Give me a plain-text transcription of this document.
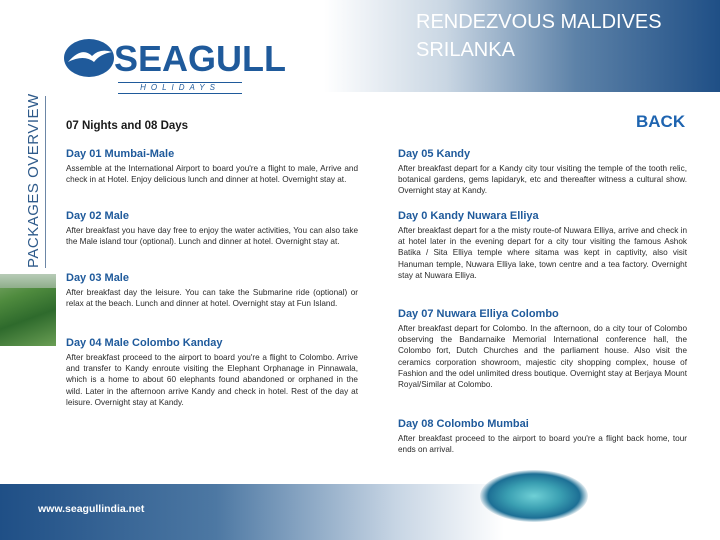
RENDEZVOUS MALDIVES
SRILANKA
SEAGULL
HOLIDAYS
PACKAGES OVERVIEW 07 Nights and 08 Days	BACK
Day 01 Mumbai-Male
Assemble at the International Airport to board you're a flight to male, Arrive and check in at Hotel. Enjoy delicious lunch and dinner at hotel. Overnight stay at.
Day 02 Male
After breakfast you have day free to enjoy the water activities, You can also take the Male island tour (optional). Lunch and dinner at hotel. Overnight stay at.
Day 03 Male
After breakfast day the leisure. You can take the Submarine ride (optional) or relax at the beach. Lunch and dinner at hotel. Overnight stay at Fun Island.
Day 04 Male Colombo Kanday
After breakfast proceed to the airport to board you're a flight to Colombo. Arrive and transfer to Kandy enroute visiting the Elephant Orphanage in Pinnawala, which is a home to about 60 elephants found abandoned or orphaned in the wild. Later in the afternoon arrive Kandy and check in hotel. Rest of the day at leisure. Overnight stay at Kandy.
Day 05 Kandy
After breakfast depart for a Kandy city tour visiting the temple of the tooth relic, botanical gardens, gems lapidaryk, etc and thereafter witness a cultural show. Overnight stay at Kandy.
Day 0 Kandy Nuwara Elliya
After breakfast depart for a the misty route-of Nuwara Elliya, arrive and check in at hotel later in the evening depart for a city tour visiting the famous Ashok Batika / Sita Elliya temple where sitama was kept in captivity, also visit Hanuman temple, Nuwara Elliya lake, town centre and a tea factory. Overnight stay at Nuwara Elliya.
Day 07 Nuwara Elliya Colombo
After breakfast depart for Colombo. In the afternoon, do a city tour of Colombo observing the Bandarnaike Memorial International conference hall, the Colombo fort, Dutch Churches and the parliament house. Also visit the ceramics corporation showroom, majestic city shopping complex, house of Fashion and the odel unlimited dress boutique. Overnight stay at Berjaya Mount Royal/Similar at Colombo.
Day 08 Colombo Mumbai
After breakfast proceed to the airport to board you're a flight back home, tour ends on arrival.
www.seagullindia.net
